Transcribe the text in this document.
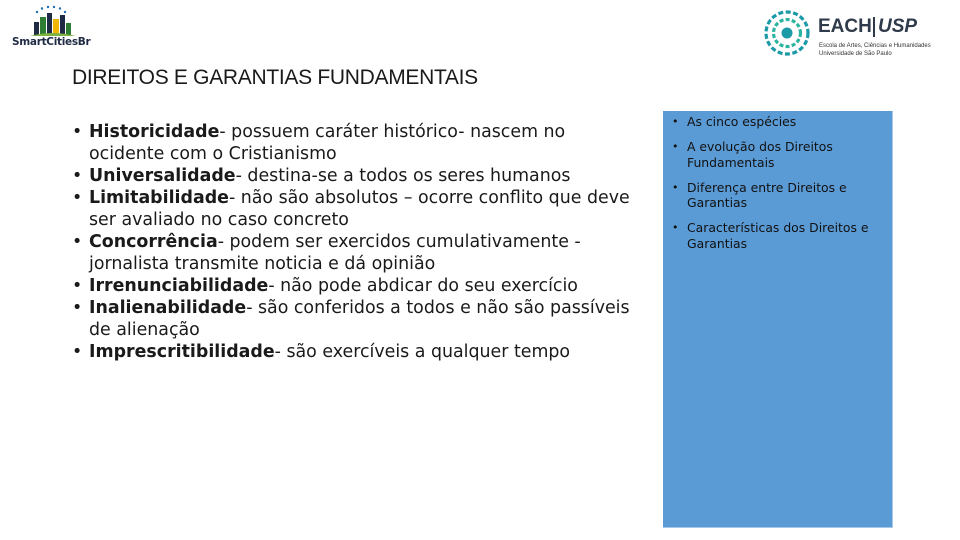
SmartCitiesBr
EACH USP
Escola de Artes, Ciências e Humanidades
Universidade de São Paulo
DIREITOS E GARANTIAS FUNDAMENTAIS
• Historicidade- possuem caráter histórico- nascem no ocidente com o Cristianismo
• Universalidade- destina-se a todos os seres humanos
• Limitabilidade- não são absolutos – ocorre conflito que deve ser avaliado no caso concreto
• Concorrência- podem ser exercidos cumulativamente - jornalista transmite noticia e dá opinião
• Irrenunciabilidade- não pode abdicar do seu exercício
• Inalienabilidade- são conferidos a todos e não são passíveis de alienação
• Imprescritibilidade- são exercíveis a qualquer tempo
• As cinco espécies
• A evolução dos Direitos Fundamentais
• Diferença entre Direitos e Garantias
• Características dos Direitos e Garantias
